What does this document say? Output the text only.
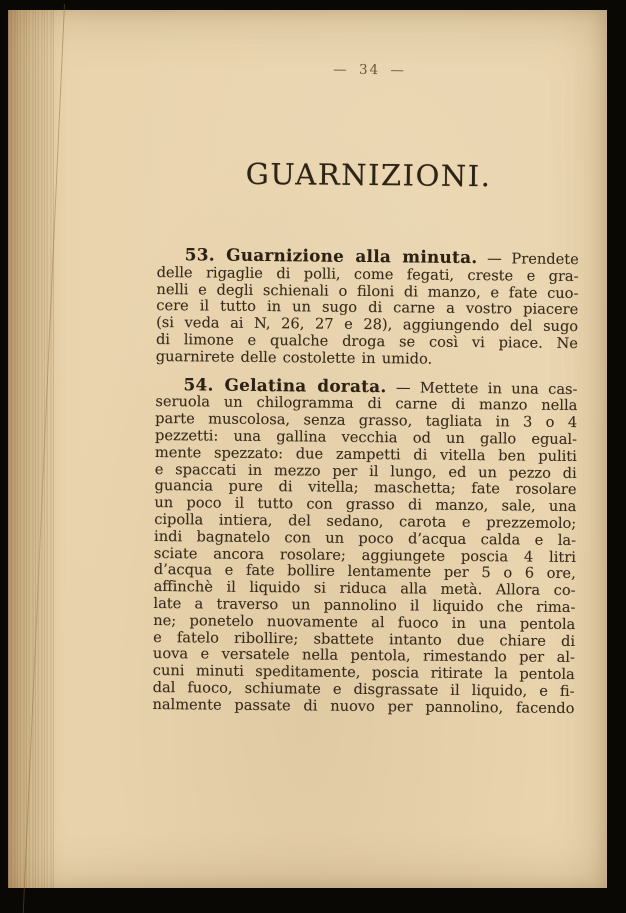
— 34 —
GUARNIZIONI.
53. Guarnizione alla minuta. — Prendete
delle rigaglie di polli, come fegati, creste e gra-
nelli e degli schienali o filoni di manzo, e fate cuo-
cere il tutto in un sugo di carne a vostro piacere
(si veda ai N, 26, 27 e 28), aggiungendo del sugo
di limone e qualche droga se così vi piace. Ne
guarnirete delle costolette in umido.
54. Gelatina dorata. — Mettete in una cas-
seruola un chilogramma di carne di manzo nella
parte muscolosa, senza grasso, tagliata in 3 o 4
pezzetti: una gallina vecchia od un gallo egual-
mente spezzato: due zampetti di vitella ben puliti
e spaccati in mezzo per il lungo, ed un pezzo di
guancia pure di vitella; maschetta; fate rosolare
un poco il tutto con grasso di manzo, sale, una
cipolla intiera, del sedano, carota e prezzemolo;
indi bagnatelo con un poco d’acqua calda e la-
sciate ancora rosolare; aggiungete poscia 4 litri
d’acqua e fate bollire lentamente per 5 o 6 ore,
affinchè il liquido si riduca alla metà. Allora co-
late a traverso un pannolino il liquido che rima-
ne; ponetelo nuovamente al fuoco in una pentola
e fatelo ribollire; sbattete intanto due chiare di
uova e versatele nella pentola, rimestando per al-
cuni minuti speditamente, poscia ritirate la pentola
dal fuoco, schiumate e disgrassate il liquido, e fi-
nalmente passate di nuovo per pannolino, facendo
